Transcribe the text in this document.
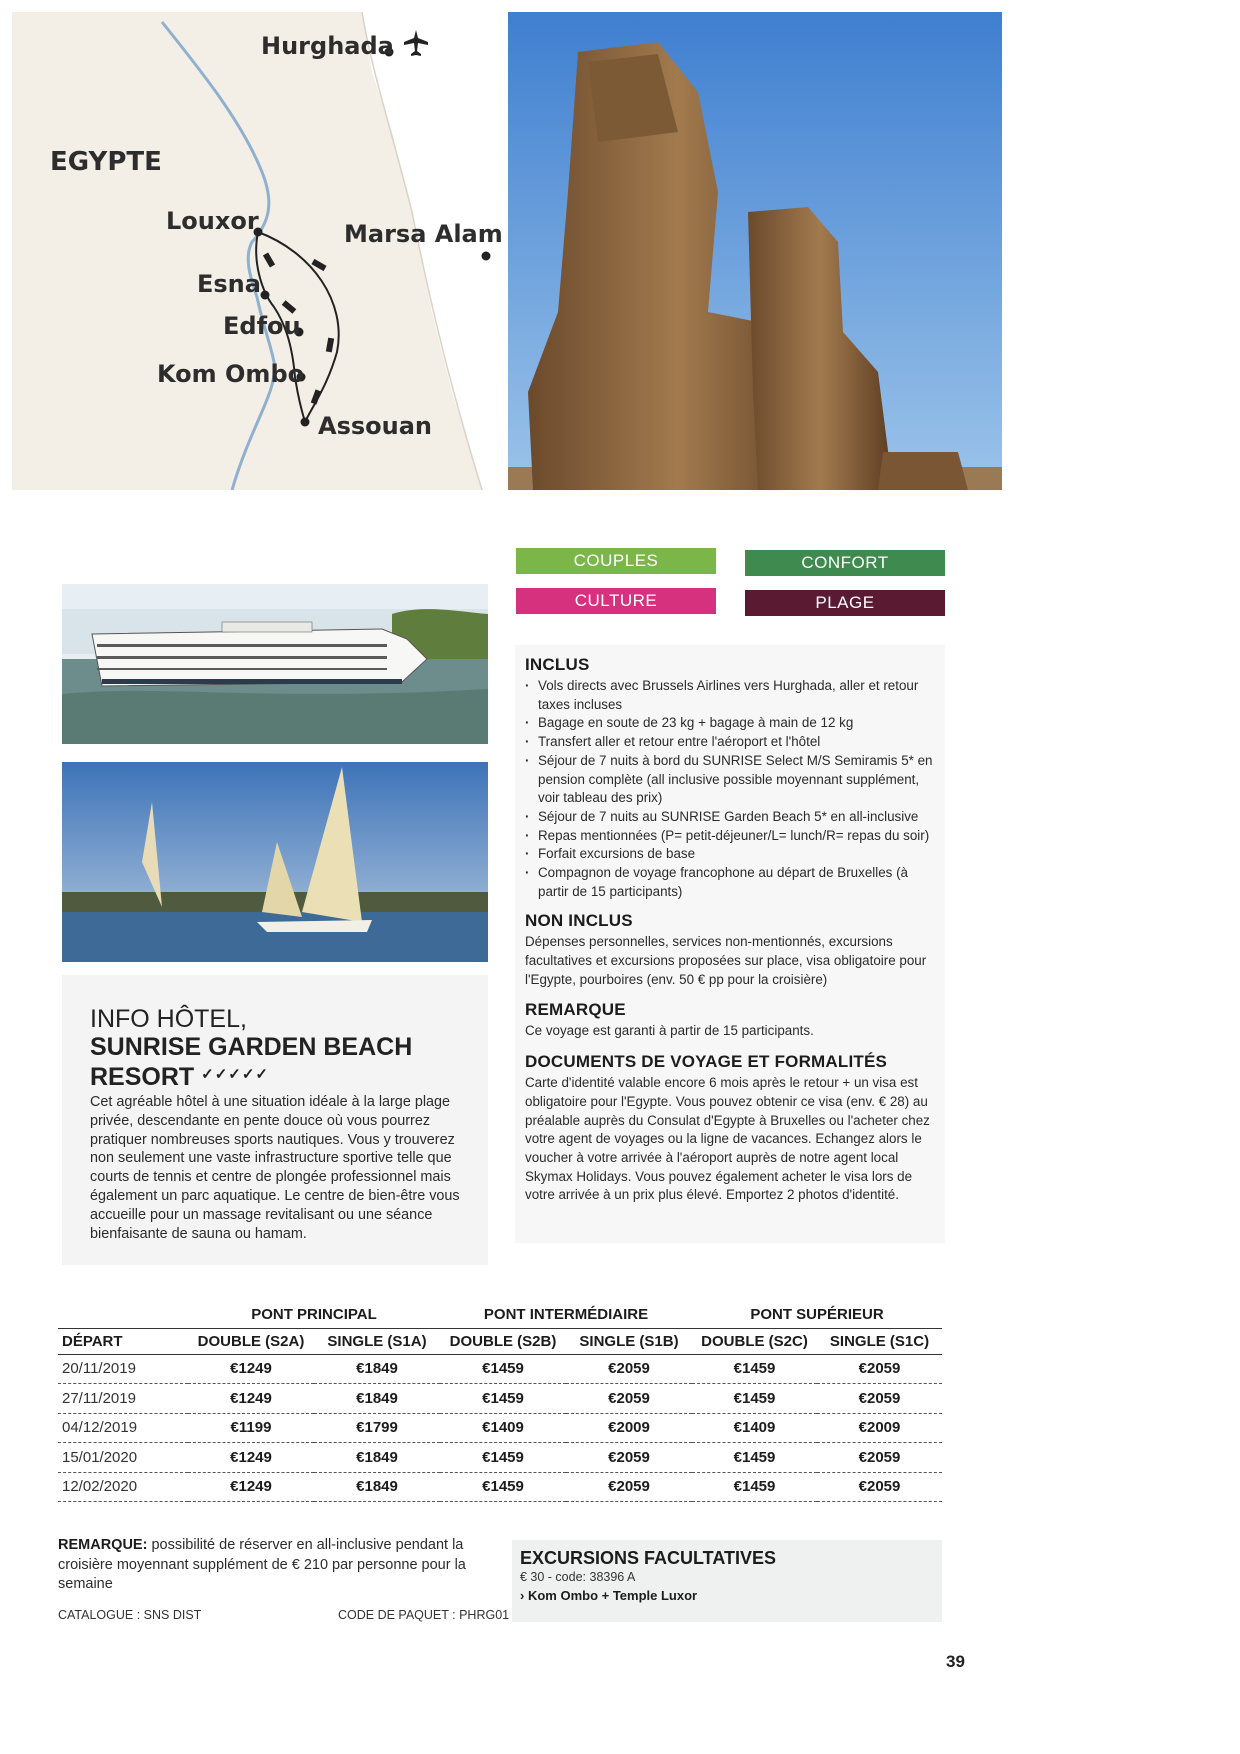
EGYPTE
Hurghada
Louxor	Marsa Alam
Esna
Edfou
Kom Ombo
Assouan
COUPLES	CONFORT
CULTURE	PLAGE
INFO HÔTEL,
SUNRISE GARDEN BEACH
RESORT ✓✓✓✓✓
Cet agréable hôtel à une situation idéale à la large plage privée, descendante en pente douce où vous pourrez pratiquer nombreuses sports nautiques. Vous y trouverez non seulement une vaste infrastructure sportive telle que courts de tennis et centre de plongée professionnel mais également un parc aquatique. Le centre de bien-être vous accueille pour un massage revitalisant ou une séance bienfaisante de sauna ou hamam.
INCLUS
· Vols directs avec Brussels Airlines vers Hurghada, aller et retour taxes incluses
· Bagage en soute de 23 kg + bagage à main de 12 kg
· Transfert aller et retour entre l'aéroport et l'hôtel
· Séjour de 7 nuits à bord du SUNRISE Select M/S Semiramis 5* en pension complète (all inclusive possible moyennant supplément, voir tableau des prix)
· Séjour de 7 nuits au SUNRISE Garden Beach 5* en all-inclusive
· Repas mentionnées (P= petit-déjeuner/L= lunch/R= repas du soir)
· Forfait excursions de base
· Compagnon de voyage francophone au départ de Bruxelles (à partir de 15 participants)
NON INCLUS
Dépenses personnelles, services non-mentionnés, excursions facultatives et excursions proposées sur place, visa obligatoire pour l'Egypte, pourboires (env. 50 € pp pour la croisière)
REMARQUE
Ce voyage est garanti à partir de 15 participants.
DOCUMENTS DE VOYAGE ET FORMALITÉS
Carte d'identité valable encore 6 mois après le retour + un visa est obligatoire pour l'Egypte. Vous pouvez obtenir ce visa (env. € 28) au préalable auprès du Consulat d'Egypte à Bruxelles ou l'acheter chez votre agent de voyages ou la ligne de vacances. Echangez alors le voucher à votre arrivée à l'aéroport auprès de notre agent local Skymax Holidays. Vous pouvez également acheter le visa lors de votre arrivée à un prix plus élevé. Emportez 2 photos d'identité.
	PONT PRINCIPAL		PONT INTERMÉDIAIRE		PONT SUPÉRIEUR	
DÉPART	DOUBLE (S2A)	SINGLE (S1A)	DOUBLE (S2B)	SINGLE (S1B)	DOUBLE (S2C)	SINGLE (S1C)
20/11/2019	€1249	€1849	€1459	€2059	€1459	€2059
27/11/2019	€1249	€1849	€1459	€2059	€1459	€2059
04/12/2019	€1199	€1799	€1409	€2009	€1409	€2009
15/01/2020	€1249	€1849	€1459	€2059	€1459	€2059
12/02/2020	€1249	€1849	€1459	€2059	€1459	€2059
REMARQUE: possibilité de réserver en all-inclusive pendant la croisière moyennant supplément de € 210 par personne pour la semaine
CATALOGUE : SNS DIST	CODE DE PAQUET : PHRG01
EXCURSIONS FACULTATIVES
€ 30 - code: 38396 A
› Kom Ombo + Temple Luxor
39
